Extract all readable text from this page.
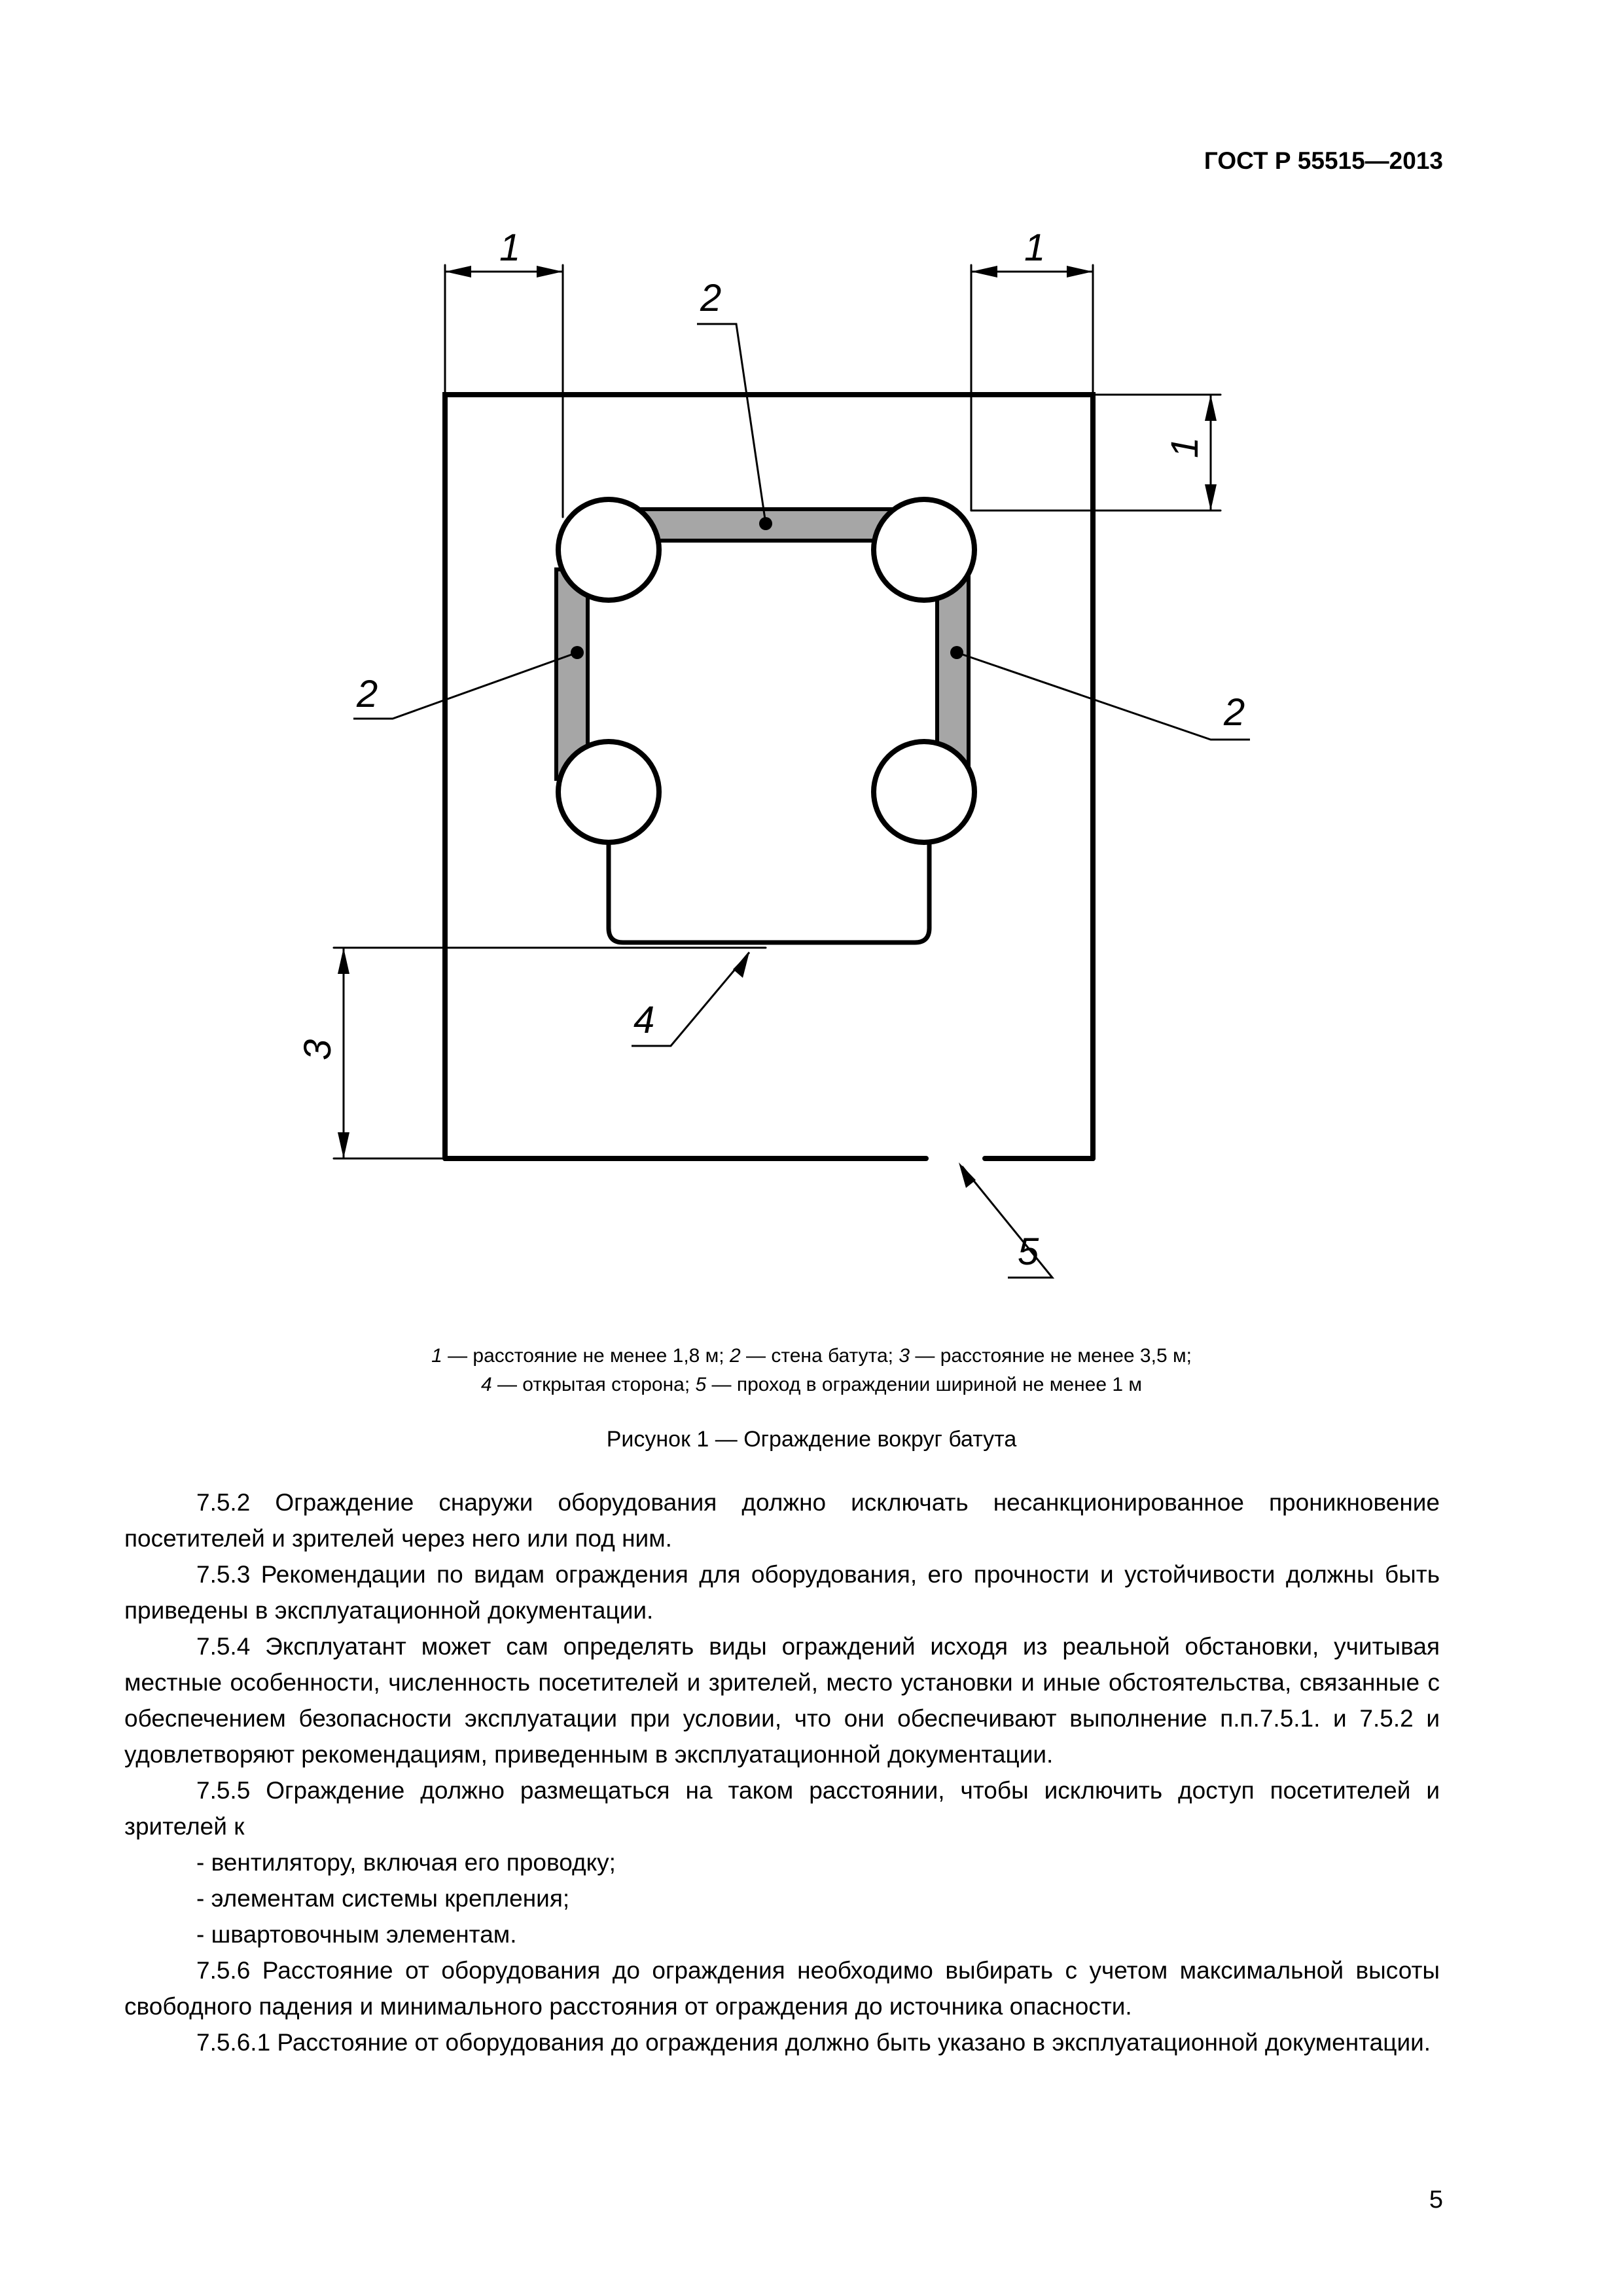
ГОСТ Р 55515—2013
1	1
2
2	2
4
5
1
3
1 — расстояние не менее 1,8 м; 2 — стена батута; 3 — расстояние не менее 3,5 м;
4 — открытая сторона; 5 — проход в ограждении шириной не менее 1 м
Рисунок 1 — Ограждение вокруг батута

7.5.2 Ограждение снаружи оборудования должно исключать несанкционированное проникновение посетителей и зрителей через него или под ним.

7.5.3 Рекомендации по видам ограждения для оборудования, его прочности и устойчивости должны быть приведены в эксплуатационной документации.

7.5.4 Эксплуатант может сам определять виды ограждений исходя из реальной обстановки, учитывая местные особенности, численность посетителей и зрителей, место установки и иные обстоятельства, связанные с обеспечением безопасности эксплуатации при условии, что они обеспечивают выполнение п.п.7.5.1. и 7.5.2 и удовлетворяют рекомендациям, приведенным в эксплуатационной документации.

7.5.5 Ограждение должно размещаться на таком расстоянии, чтобы исключить доступ посетителей и зрителей к

- вентилятору, включая его проводку;

- элементам системы крепления;

- швартовочным элементам.

7.5.6 Расстояние от оборудования до ограждения необходимо выбирать с учетом максимальной высоты свободного падения и минимального расстояния от ограждения до источника опасности.

7.5.6.1 Расстояние от оборудования до ограждения должно быть указано в эксплуатационной документации.

5
